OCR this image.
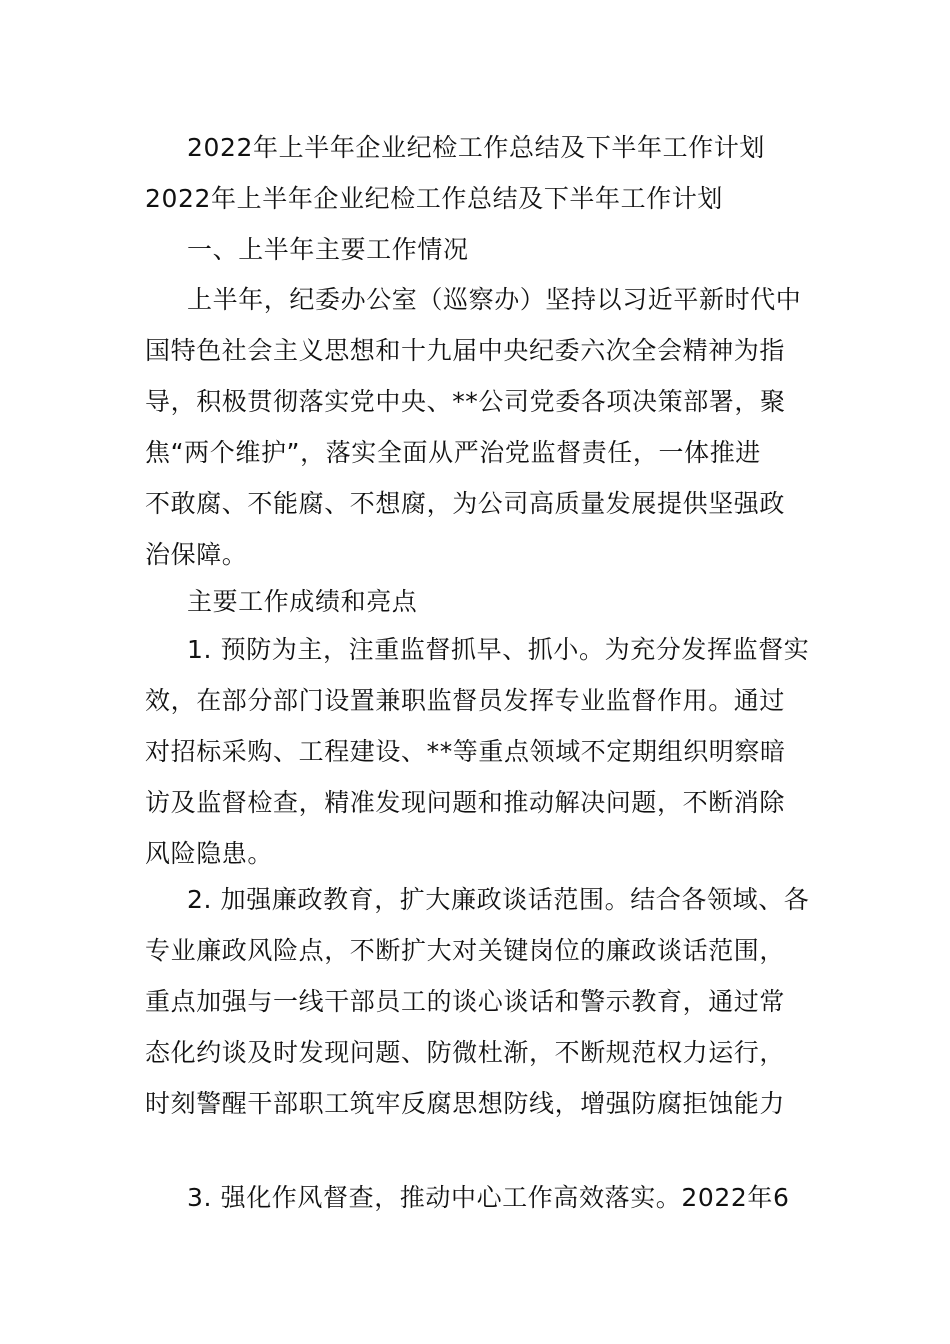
2022年上半年企业纪检工作总结及下半年工作计划
2022年上半年企业纪检工作总结及下半年工作计划
一、上半年主要工作情况
上半年，纪委办公室（巡察办）坚持以习近平新时代中
国特色社会主义思想和十九届中央纪委六次全会精神为指
导，积极贯彻落实党中央、**公司党委各项决策部署，聚
焦“两个维护”，落实全面从严治党监督责任，一体推进
不敢腐、不能腐、不想腐，为公司高质量发展提供坚强政
治保障。
主要工作成绩和亮点
1. 预防为主，注重监督抓早、抓小。为充分发挥监督实
效，在部分部门设置兼职监督员发挥专业监督作用。通过
对招标采购、工程建设、**等重点领域不定期组织明察暗
访及监督检查，精准发现问题和推动解决问题，不断消除
风险隐患。
2. 加强廉政教育，扩大廉政谈话范围。结合各领域、各
专业廉政风险点，不断扩大对关键岗位的廉政谈话范围，
重点加强与一线干部员工的谈心谈话和警示教育，通过常
态化约谈及时发现问题、防微杜渐，不断规范权力运行，
时刻警醒干部职工筑牢反腐思想防线，增强防腐拒蚀能力
3. 强化作风督查，推动中心工作高效落实。2022年6
